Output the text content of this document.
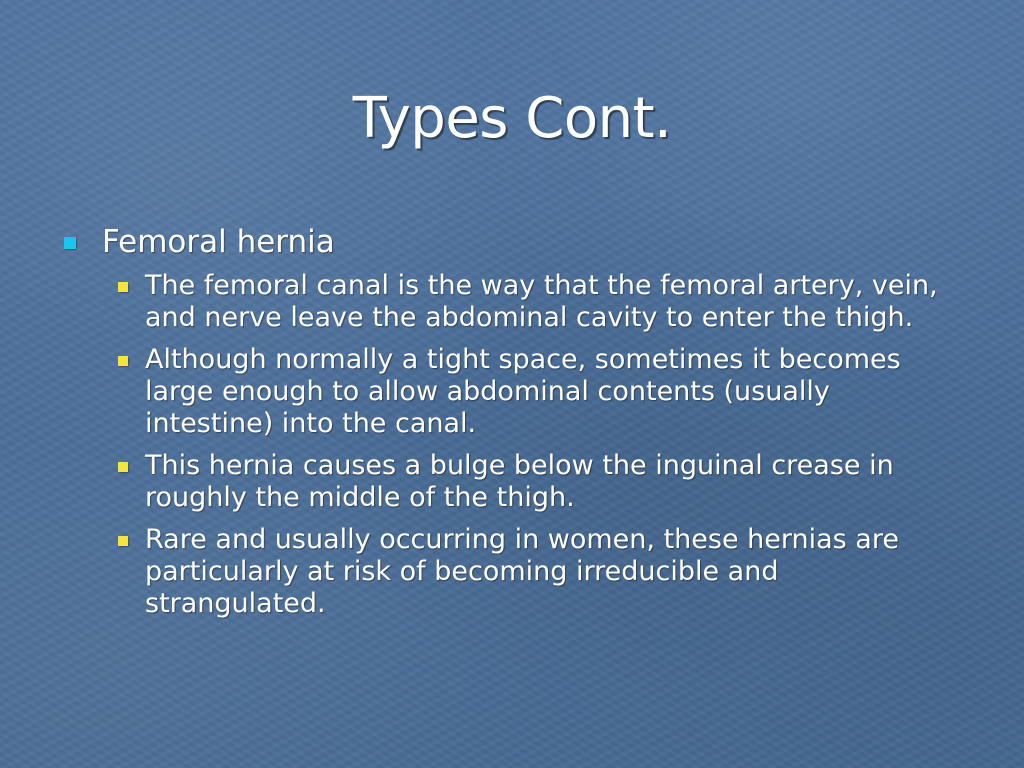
Types Cont.
Femoral hernia
The femoral canal is the way that the femoral artery, vein, and nerve leave the abdominal cavity to enter the thigh.
Although normally a tight space, sometimes it becomes large enough to allow abdominal contents (usually intestine) into the canal.
This hernia causes a bulge below the inguinal crease in roughly the middle of the thigh.
Rare and usually occurring in women, these hernias are particularly at risk of becoming irreducible and strangulated.
